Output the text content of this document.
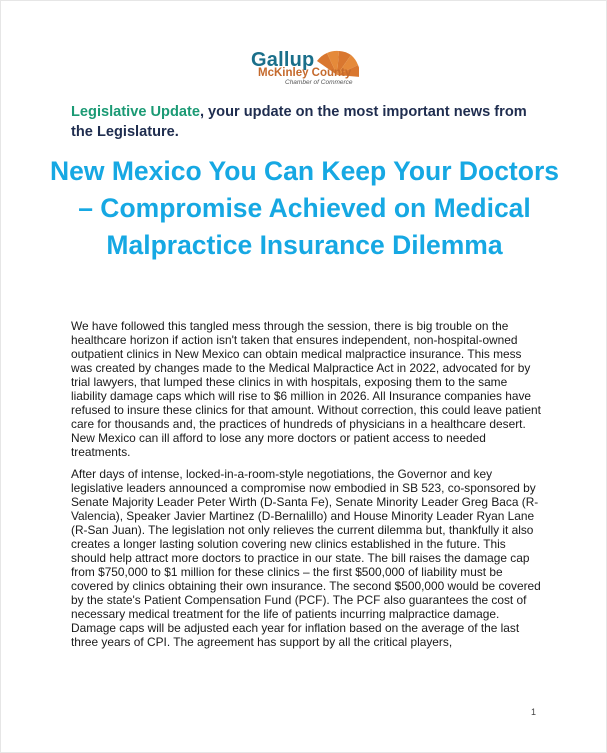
Gallup
McKinley County
Chamber of Commerce
Legislative Update, your update on the most important news from the Legislature.
New Mexico You Can Keep Your Doctors – Compromise Achieved on Medical Malpractice Insurance Dilemma

We have followed this tangled mess through the session, there is big trouble on the healthcare horizon if action isn't taken that ensures independent, non-hospital-owned outpatient clinics in New Mexico can obtain medical malpractice insurance. This mess was created by changes made to the Medical Malpractice Act in 2022, advocated for by trial lawyers, that lumped these clinics in with hospitals, exposing them to the same liability damage caps which will rise to $6 million in 2026. All Insurance companies have refused to insure these clinics for that amount. Without correction, this could leave patient care for thousands and, the practices of hundreds of physicians in a healthcare desert. New Mexico can ill afford to lose any more doctors or patient access to needed treatments.

After days of intense, locked-in-a-room-style negotiations, the Governor and key legislative leaders announced a compromise now embodied in SB 523, co-sponsored by Senate Majority Leader Peter Wirth (D-Santa Fe), Senate Minority Leader Greg Baca (R-Valencia), Speaker Javier Martinez (D-Bernalillo) and House Minority Leader Ryan Lane (R-San Juan). The legislation not only relieves the current dilemma but, thankfully it also creates a longer lasting solution covering new clinics established in the future. This should help attract more doctors to practice in our state. The bill raises the damage cap from $750,000 to $1 million for these clinics – the first $500,000 of liability must be covered by clinics obtaining their own insurance. The second $500,000 would be covered by the state's Patient Compensation Fund (PCF). The PCF also guarantees the cost of necessary medical treatment for the life of patients incurring malpractice damage. Damage caps will be adjusted each year for inflation based on the average of the last three years of CPI. The agreement has support by all the critical players,

1
